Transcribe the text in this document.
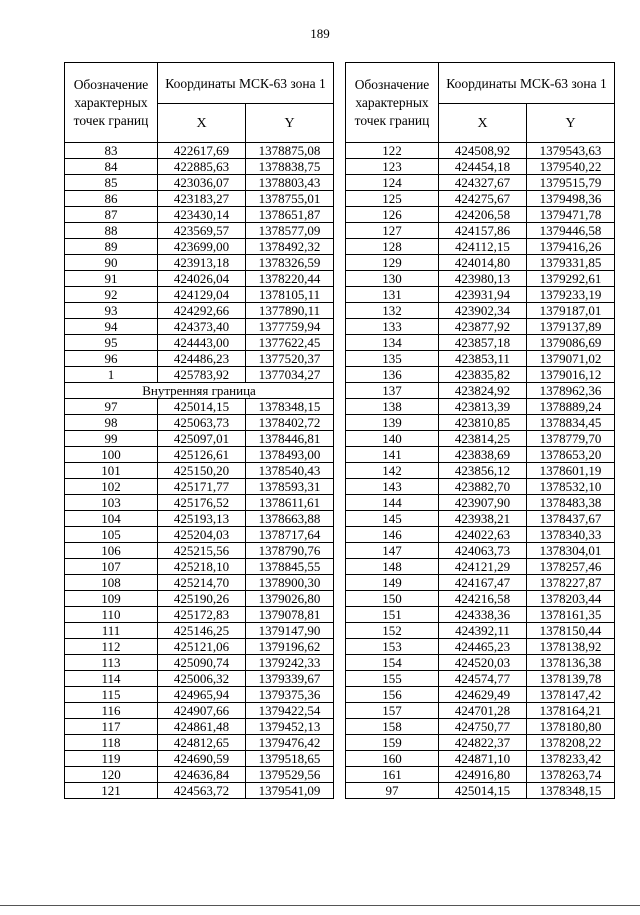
189
Обозначение характерных точек границ	Координаты МСК-63 зона 1	
	X	Y
83	422617,69	1378875,08
84	422885,63	1378838,75
85	423036,07	1378803,43
86	423183,27	1378755,01
87	423430,14	1378651,87
88	423569,57	1378577,09
89	423699,00	1378492,32
90	423913,18	1378326,59
91	424026,04	1378220,44
92	424129,04	1378105,11
93	424292,66	1377890,11
94	424373,40	1377759,94
95	424443,00	1377622,45
96	424486,23	1377520,37
1	425783,92	1377034,27
Внутренняя граница		
97	425014,15	1378348,15
98	425063,73	1378402,72
99	425097,01	1378446,81
100	425126,61	1378493,00
101	425150,20	1378540,43
102	425171,77	1378593,31
103	425176,52	1378611,61
104	425193,13	1378663,88
105	425204,03	1378717,64
106	425215,56	1378790,76
107	425218,10	1378845,55
108	425214,70	1378900,30
109	425190,26	1379026,80
110	425172,83	1379078,81
111	425146,25	1379147,90
112	425121,06	1379196,62
113	425090,74	1379242,33
114	425006,32	1379339,67
115	424965,94	1379375,36
116	424907,66	1379422,54
117	424861,48	1379452,13
118	424812,65	1379476,42
119	424690,59	1379518,65
120	424636,84	1379529,56
121	424563,72	1379541,09
Обозначение характерных точек границ	Координаты МСК-63 зона 1	
	X	Y
122	424508,92	1379543,63
123	424454,18	1379540,22
124	424327,67	1379515,79
125	424275,67	1379498,36
126	424206,58	1379471,78
127	424157,86	1379446,58
128	424112,15	1379416,26
129	424014,80	1379331,85
130	423980,13	1379292,61
131	423931,94	1379233,19
132	423902,34	1379187,01
133	423877,92	1379137,89
134	423857,18	1379086,69
135	423853,11	1379071,02
136	423835,82	1379016,12
137	423824,92	1378962,36
138	423813,39	1378889,24
139	423810,85	1378834,45
140	423814,25	1378779,70
141	423838,69	1378653,20
142	423856,12	1378601,19
143	423882,70	1378532,10
144	423907,90	1378483,38
145	423938,21	1378437,67
146	424022,63	1378340,33
147	424063,73	1378304,01
148	424121,29	1378257,46
149	424167,47	1378227,87
150	424216,58	1378203,44
151	424338,36	1378161,35
152	424392,11	1378150,44
153	424465,23	1378138,92
154	424520,03	1378136,38
155	424574,77	1378139,78
156	424629,49	1378147,42
157	424701,28	1378164,21
158	424750,77	1378180,80
159	424822,37	1378208,22
160	424871,10	1378233,42
161	424916,80	1378263,74
97	425014,15	1378348,15
